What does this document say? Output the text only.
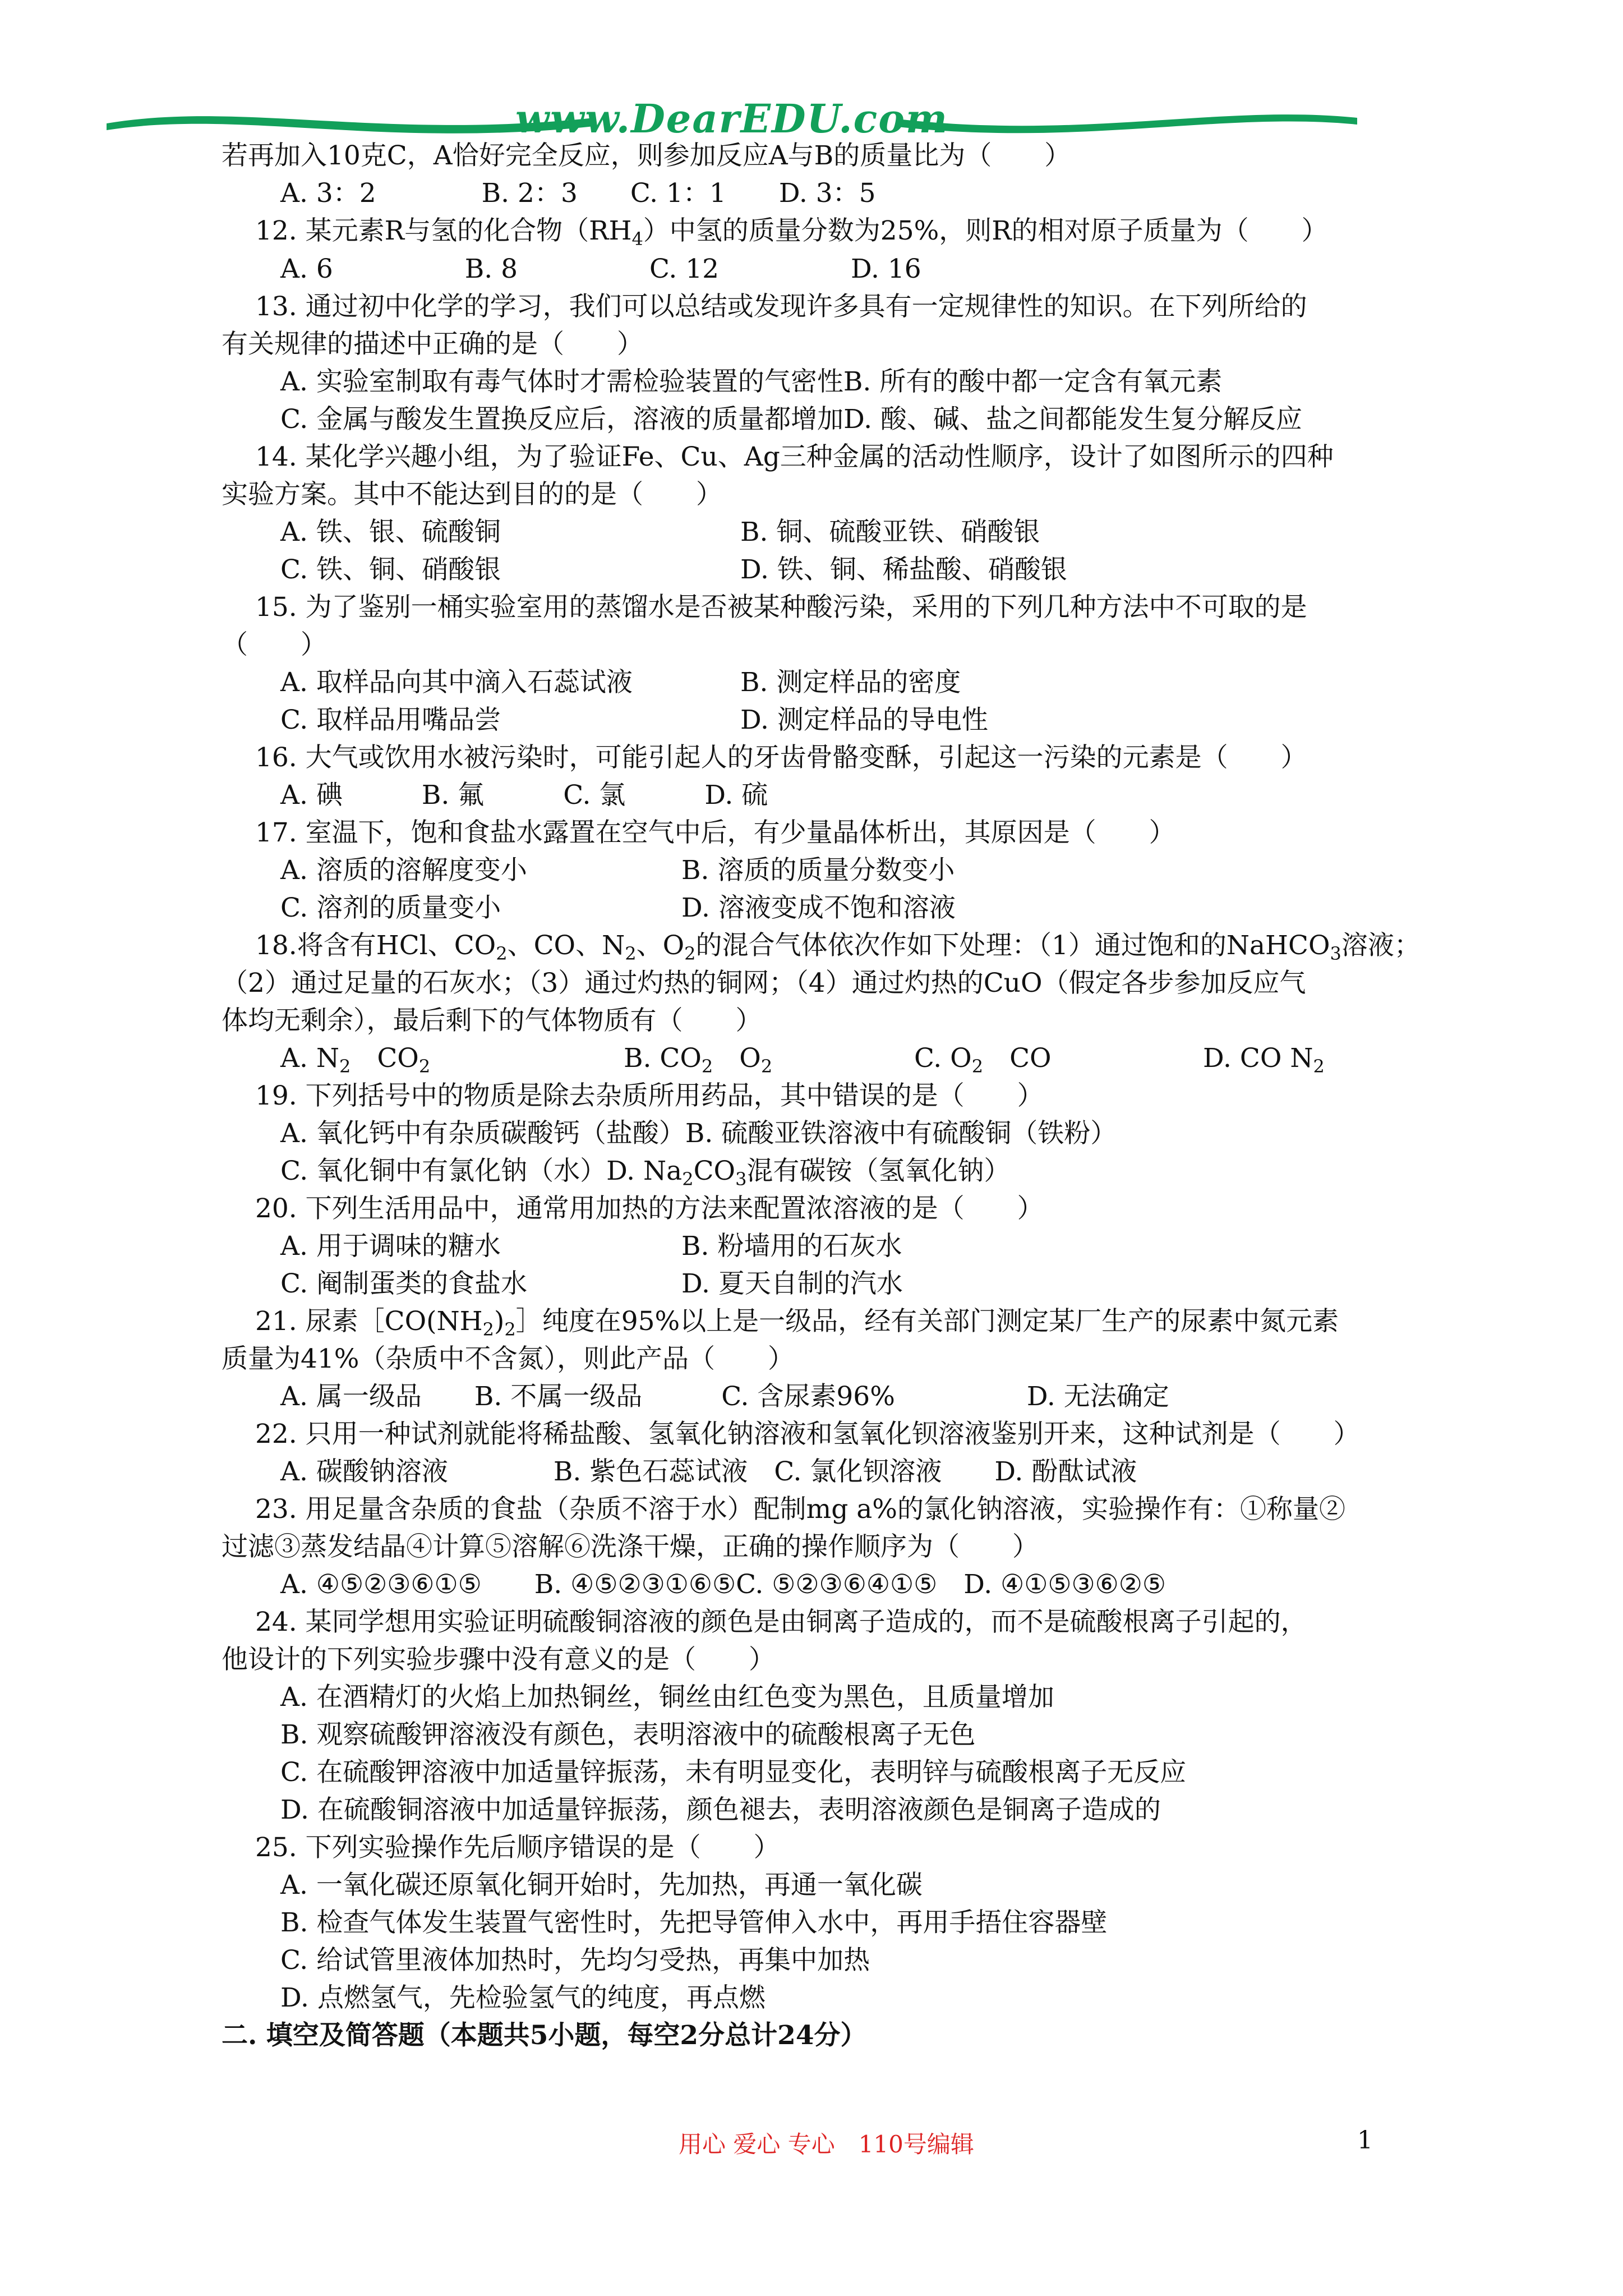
www.DearEDU.com
若再加入10克C，A恰好完全反应，则参加反应A与B的质量比为（　　）
A. 3：2　　　　B. 2：3　　C. 1：1　　D. 3：5
12. 某元素R与氢的化合物$(RH_4)$中氢的质量分数为25%，则R的相对原子质量为（　　）
A. 6　　　　　B. 8　　　　　C. 12　　　　　D. 16
13. 通过初中化学的学习，我们可以总结或发现许多具有一定规律性的知识。在下列所给的
有关规律的描述中正确的是（　　）
A. 实验室制取有毒气体时才需检验装置的气密性B. 所有的酸中都一定含有氧元素
C. 金属与酸发生置换反应后，溶液的质量都增加D. 酸、碱、盐之间都能发生复分解反应
14. 某化学兴趣小组，为了验证Fe、Cu、Ag三种金属的活动性顺序，设计了如图所示的四种
实验方案。其中不能达到目的的是（　　）
A. 铁、银、硫酸铜	B. 铜、硫酸亚铁、硝酸银
C. 铁、铜、硝酸银	D. 铁、铜、稀盐酸、硝酸银
15. 为了鉴别一桶实验室用的蒸馏水是否被某种酸污染，采用的下列几种方法中不可取的是
（　　）
A. 取样品向其中滴入石蕊试液	B. 测定样品的密度
C. 取样品用嘴品尝	D. 测定样品的导电性
16. 大气或饮用水被污染时，可能引起人的牙齿骨骼变酥，引起这一污染的元素是（　　）
A. 碘　　　B. 氟　　　C. 氯　　　D. 硫
17. 室温下，饱和食盐水露置在空气中后，有少量晶体析出，其原因是（　　）
A. 溶质的溶解度变小	B. 溶质的质量分数变小
C. 溶剂的质量变小	D. 溶液变成不饱和溶液
18.将含有HCl、$CO_2$、CO、$N_2$、$O_2$的混合气体依次作如下处理：（1）通过饱和的NaHCO$_3$溶液；
（2）通过足量的石灰水；（3）通过灼热的铜网；（4）通过灼热的CuO（假定各步参加反应气
体均无剩余），最后剩下的气体物质有（　　）
A. $N_2$　 $CO_2$	B. $CO_2$　 $O_2$	C. $O_2$　 CO	D. CO $N_2$
19. 下列括号中的物质是除去杂质所用药品，其中错误的是（　　）
A. 氧化钙中有杂质碳酸钙（盐酸）B. 硫酸亚铁溶液中有硫酸铜（铁粉）
C. 氧化铜中有氯化钠（水）D. $Na_2CO_3$混有碳铵（氢氧化钠）
20. 下列生活用品中，通常用加热的方法来配置浓溶液的是（　　）
A. 用于调味的糖水	B. 粉墙用的石灰水
C. 阉制蛋类的食盐水	D. 夏天自制的汽水
21. 尿素$[CO(NH_2)_2]$纯度在95%以上是一级品，经有关部门测定某厂生产的尿素中氮元素
质量为41%（杂质中不含氮），则此产品（　　）
A. 属一级品　　B. 不属一级品　　　C. 含尿素96%　　　　　D. 无法确定
22. 只用一种试剂就能将稀盐酸、氢氧化钠溶液和氢氧化钡溶液鉴别开来，这种试剂是（　　）
A. 碳酸钠溶液　　　　B. 紫色石蕊试液　C. 氯化钡溶液　　D. 酚酞试液
23. 用足量含杂质的食盐（杂质不溶于水）配制mg a%的氯化钠溶液，实验操作有：①称量②
过滤③蒸发结晶④计算⑤溶解⑥洗涤干燥，正确的操作顺序为（　　）
A. ④⑤②③⑥①⑤　　B. ④⑤②③①⑥⑤C. ⑤②③⑥④①⑤　D. ④①⑤③⑥②⑤
24. 某同学想用实验证明硫酸铜溶液的颜色是由铜离子造成的，而不是硫酸根离子引起的，
他设计的下列实验步骤中没有意义的是（　　）
A. 在酒精灯的火焰上加热铜丝，铜丝由红色变为黑色，且质量增加
B. 观察硫酸钾溶液没有颜色，表明溶液中的硫酸根离子无色
C. 在硫酸钾溶液中加适量锌振荡，未有明显变化，表明锌与硫酸根离子无反应
D. 在硫酸铜溶液中加适量锌振荡，颜色褪去，表明溶液颜色是铜离子造成的
25. 下列实验操作先后顺序错误的是（　　）
A. 一氧化碳还原氧化铜开始时，先加热，再通一氧化碳
B. 检查气体发生装置气密性时，先把导管伸入水中，再用手捂住容器壁
C. 给试管里液体加热时，先均匀受热，再集中加热
D. 点燃氢气，先检验氢气的纯度，再点燃
二. 填空及简答题（本题共5小题，每空2分总计24分）
用心 爱心 专心　110号编辑	1
